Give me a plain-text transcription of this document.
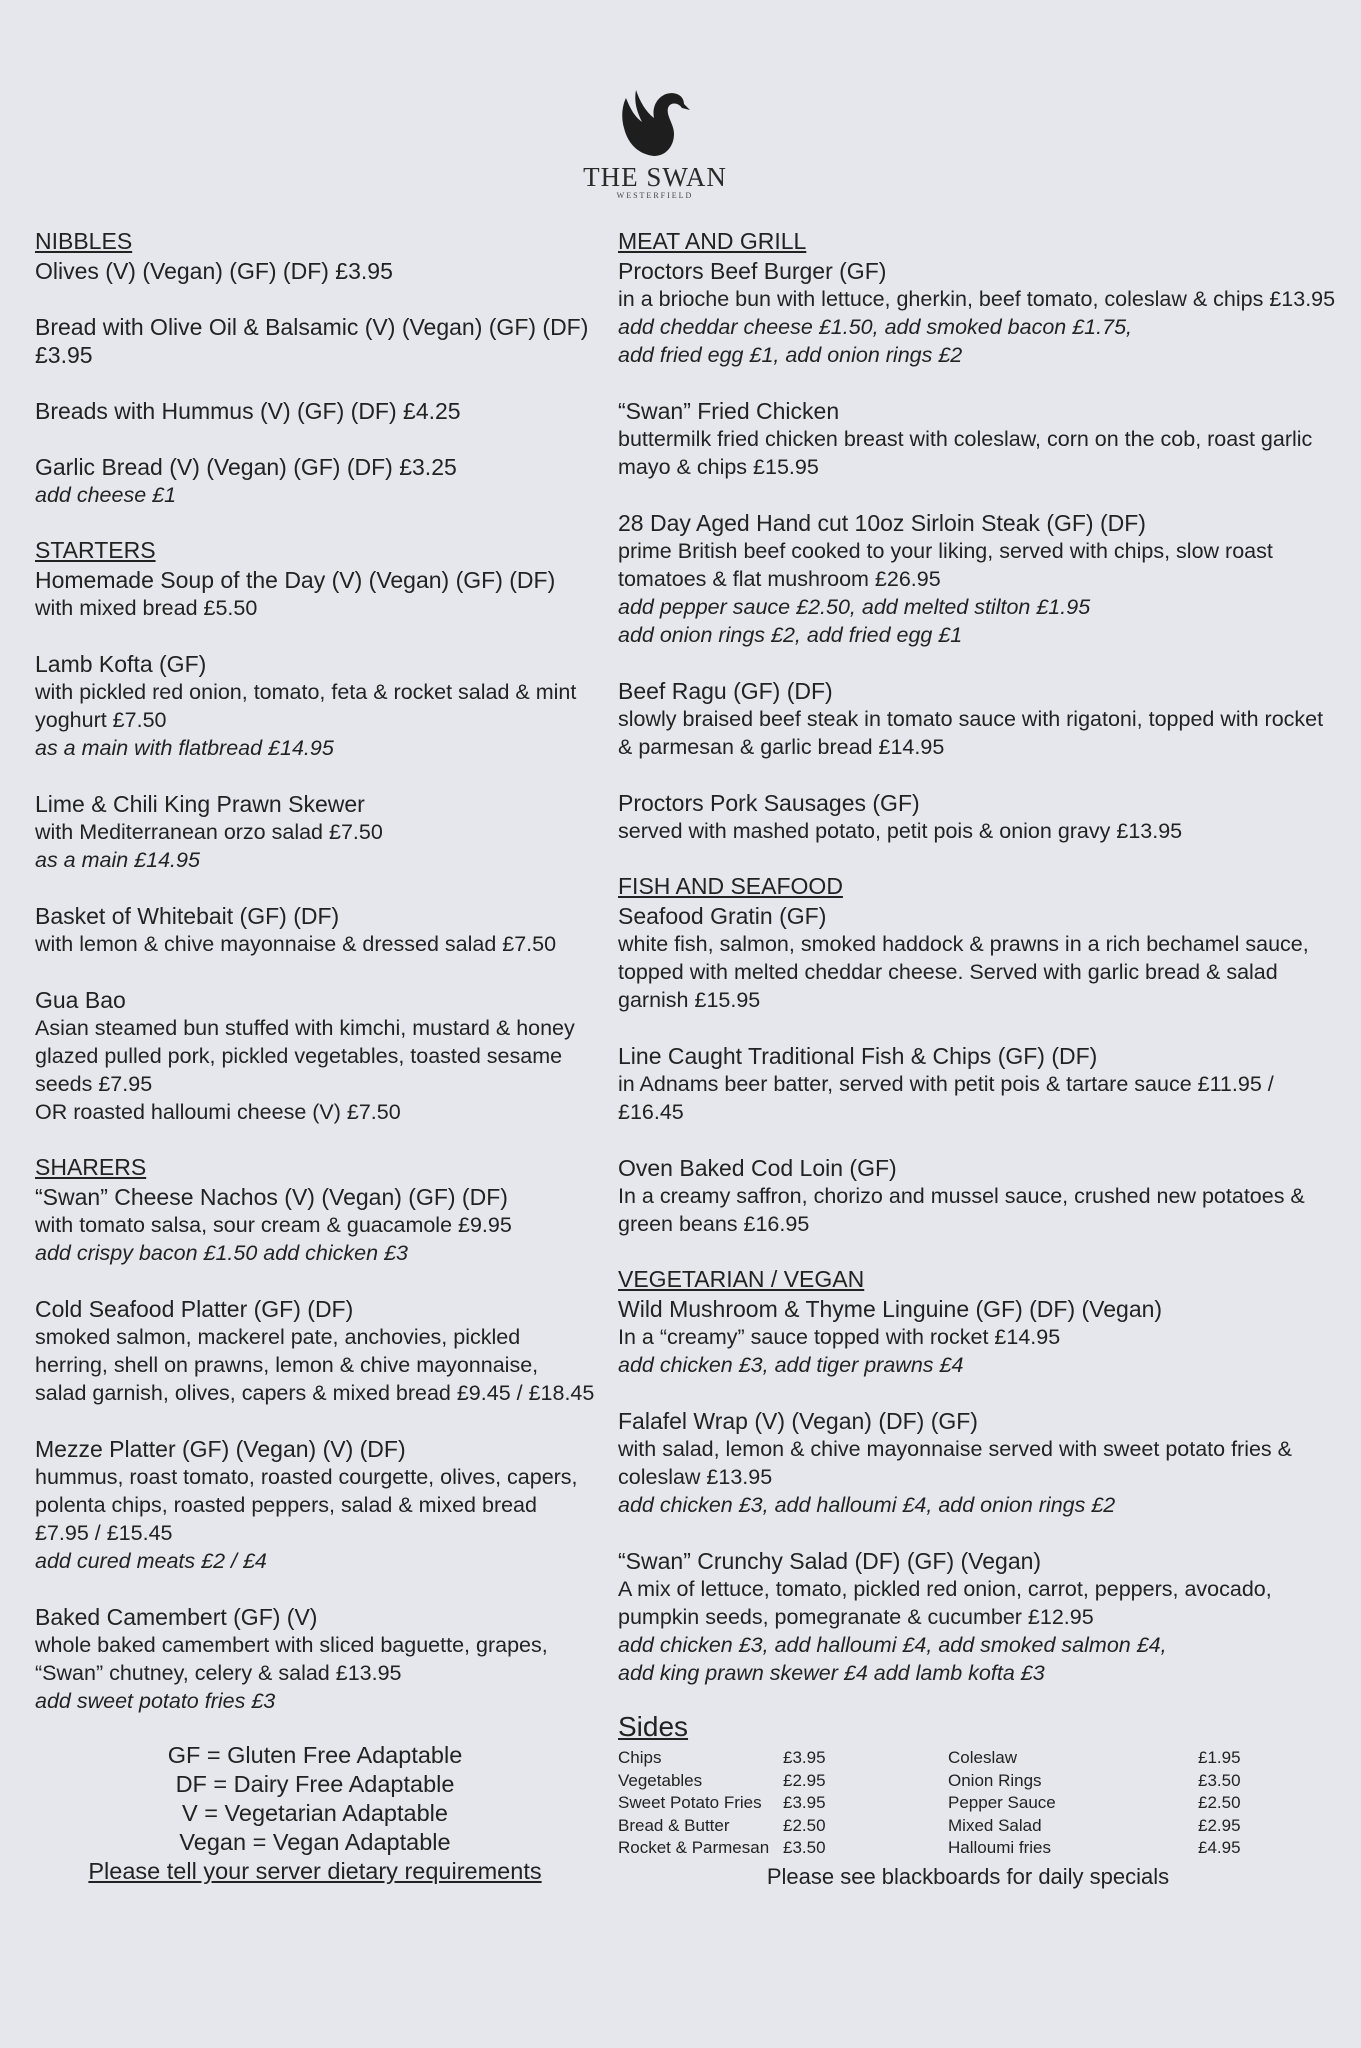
THE SWAN
WESTERFIELD
NIBBLES
Olives (V) (Vegan) (GF) (DF) £3.95
Bread with Olive Oil & Balsamic (V) (Vegan) (GF) (DF) £3.95
Breads with Hummus (V) (GF) (DF) £4.25
Garlic Bread (V) (Vegan) (GF) (DF) £3.25
add cheese £1
STARTERS
Homemade Soup of the Day (V) (Vegan) (GF) (DF)
with mixed bread £5.50
Lamb Kofta (GF)
with pickled red onion, tomato, feta & rocket salad & mint yoghurt £7.50
as a main with flatbread £14.95
Lime & Chili King Prawn Skewer
with Mediterranean orzo salad £7.50
as a main £14.95
Basket of Whitebait (GF) (DF)
with lemon & chive mayonnaise & dressed salad £7.50
Gua Bao
Asian steamed bun stuffed with kimchi, mustard & honey glazed pulled pork, pickled vegetables, toasted sesame seeds £7.95
OR roasted halloumi cheese (V) £7.50
SHARERS
“Swan” Cheese Nachos (V) (Vegan) (GF) (DF)
with tomato salsa, sour cream & guacamole £9.95
add crispy bacon £1.50 add chicken £3
Cold Seafood Platter (GF) (DF)
smoked salmon, mackerel pate, anchovies, pickled herring, shell on prawns, lemon & chive mayonnaise, salad garnish, olives, capers & mixed bread £9.45 / £18.45
Mezze Platter (GF) (Vegan) (V) (DF)
hummus, roast tomato, roasted courgette, olives, capers, polenta chips, roasted peppers, salad & mixed bread £7.95 / £15.45
add cured meats £2 / £4
Baked Camembert (GF) (V)
whole baked camembert with sliced baguette, grapes, “Swan” chutney, celery & salad £13.95
add sweet potato fries £3
GF = Gluten Free Adaptable
DF = Dairy Free Adaptable
V = Vegetarian Adaptable
Vegan = Vegan Adaptable
Please tell your server dietary requirements
MEAT AND GRILL
Proctors Beef Burger (GF)
in a brioche bun with lettuce, gherkin, beef tomato, coleslaw & chips £13.95
add cheddar cheese £1.50, add smoked bacon £1.75,
add fried egg £1, add onion rings £2
“Swan” Fried Chicken
buttermilk fried chicken breast with coleslaw, corn on the cob, roast garlic mayo & chips £15.95
28 Day Aged Hand cut 10oz Sirloin Steak (GF) (DF)
prime British beef cooked to your liking, served with chips, slow roast tomatoes & flat mushroom £26.95
add pepper sauce £2.50, add melted stilton £1.95
add onion rings £2, add fried egg £1
Beef Ragu (GF) (DF)
slowly braised beef steak in tomato sauce with rigatoni, topped with rocket & parmesan & garlic bread £14.95
Proctors Pork Sausages (GF)
served with mashed potato, petit pois & onion gravy £13.95
FISH AND SEAFOOD
Seafood Gratin (GF)
white fish, salmon, smoked haddock & prawns in a rich bechamel sauce, topped with melted cheddar cheese. Served with garlic bread & salad garnish £15.95
Line Caught Traditional Fish & Chips (GF) (DF)
in Adnams beer batter, served with petit pois & tartare sauce £11.95 / £16.45
Oven Baked Cod Loin (GF)
In a creamy saffron, chorizo and mussel sauce, crushed new potatoes & green beans £16.95
VEGETARIAN / VEGAN
Wild Mushroom & Thyme Linguine (GF) (DF) (Vegan)
In a “creamy” sauce topped with rocket £14.95
add chicken £3, add tiger prawns £4
Falafel Wrap (V) (Vegan) (DF) (GF)
with salad, lemon & chive mayonnaise served with sweet potato fries & coleslaw £13.95
add chicken £3, add halloumi £4, add onion rings £2
“Swan” Crunchy Salad (DF) (GF) (Vegan)
A mix of lettuce, tomato, pickled red onion, carrot, peppers, avocado, pumpkin seeds, pomegranate & cucumber £12.95
add chicken £3, add halloumi £4, add smoked salmon £4,
add king prawn skewer £4 add lamb kofta £3
Sides
Chips
Vegetables
Sweet Potato Fries
Bread & Butter
Rocket & Parmesan
£3.95
£2.95
£3.95
£2.50
£3.50
Coleslaw
Onion Rings
Pepper Sauce
Mixed Salad
Halloumi fries
£1.95
£3.50
£2.50
£2.95
£4.95
Please see blackboards for daily specials
